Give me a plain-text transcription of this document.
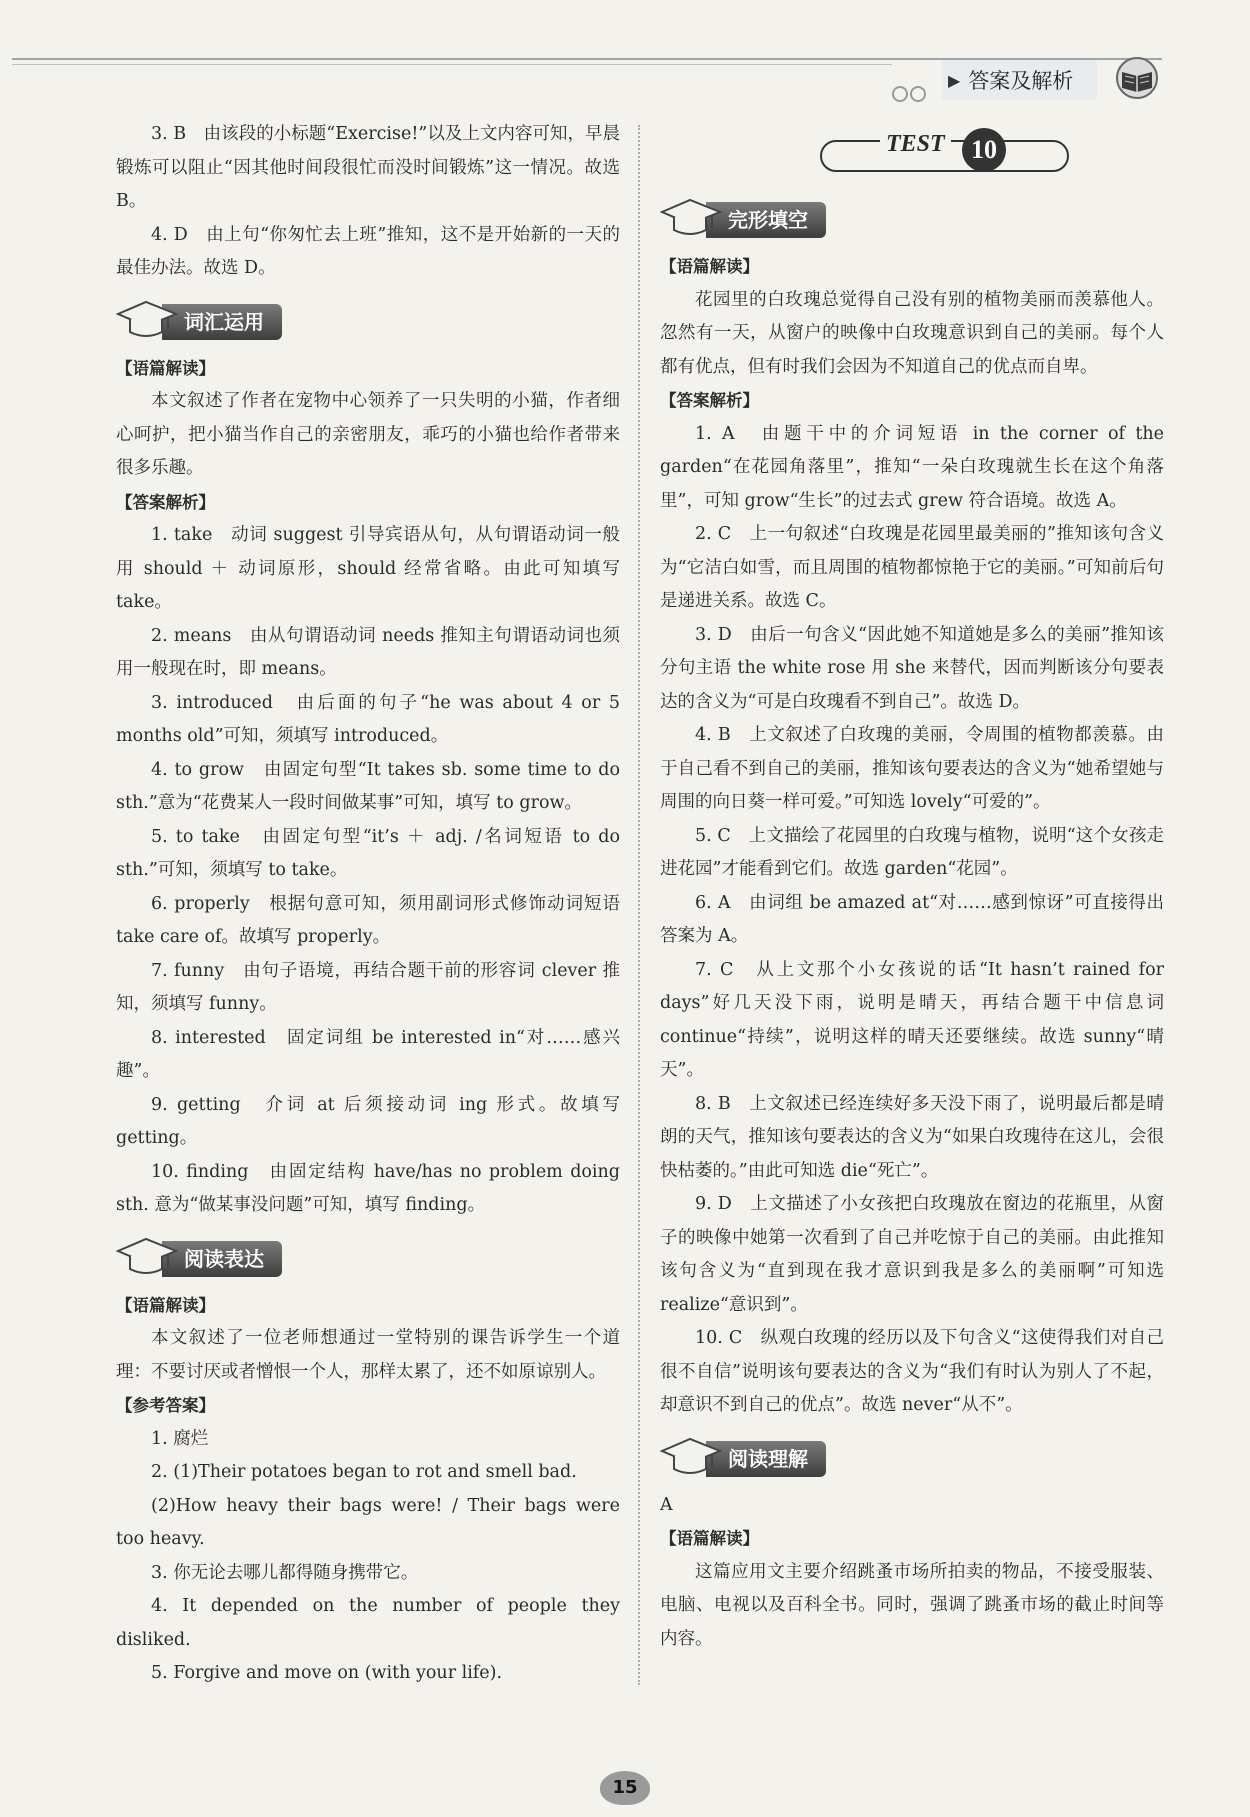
▶ 答案及解析

3. B　由该段的小标题“Exercise!”以及上文内容可知，早晨锻炼可以阻止“因其他时间段很忙而没时间锻炼”这一情况。故选 B。

4. D　由上句“你匆忙去上班”推知，这不是开始新的一天的最佳办法。故选 D。

词汇运用

【语篇解读】

本文叙述了作者在宠物中心领养了一只失明的小猫，作者细心呵护，把小猫当作自己的亲密朋友，乖巧的小猫也给作者带来很多乐趣。

【答案解析】

1. take　动词 suggest 引导宾语从句，从句谓语动词一般用 should ＋ 动词原形，should 经常省略。由此可知填写 take。

2. means　由从句谓语动词 needs 推知主句谓语动词也须用一般现在时，即 means。

3. introduced　由后面的句子“he was about 4 or 5 months old”可知，须填写 introduced。

4. to grow　由固定句型“It takes sb. some time to do sth.”意为“花费某人一段时间做某事”可知，填写 to grow。

5. to take　由固定句型“it’s ＋ adj. /名词短语 to do sth.”可知，须填写 to take。

6. properly　根据句意可知，须用副词形式修饰动词短语 take care of。故填写 properly。

7. funny　由句子语境，再结合题干前的形容词 clever 推知，须填写 funny。

8. interested　固定词组 be interested in“对……感兴趣”。

9. getting　介词 at 后须接动词 ing 形式。故填写 getting。

10. finding　由固定结构 have/has no problem doing sth. 意为“做某事没问题”可知，填写 finding。

阅读表达

【语篇解读】

本文叙述了一位老师想通过一堂特别的课告诉学生一个道理：不要讨厌或者憎恨一个人，那样太累了，还不如原谅别人。

【参考答案】

1. 腐烂

2. (1)Their potatoes began to rot and smell bad.

(2)How heavy their bags were! / Their bags were too heavy.

3. 你无论去哪儿都得随身携带它。

4. It depended on the number of people they disliked.

5. Forgive and move on (with your life).

TEST	10
完形填空

【语篇解读】

花园里的白玫瑰总觉得自己没有别的植物美丽而羡慕他人。忽然有一天，从窗户的映像中白玫瑰意识到自己的美丽。每个人都有优点，但有时我们会因为不知道自己的优点而自卑。

【答案解析】

1. A　由题干中的介词短语 in the corner of the garden“在花园角落里”，推知“一朵白玫瑰就生长在这个角落里”，可知 grow“生长”的过去式 grew 符合语境。故选 A。

2. C　上一句叙述“白玫瑰是花园里最美丽的”推知该句含义为“它洁白如雪，而且周围的植物都惊艳于它的美丽。”可知前后句是递进关系。故选 C。

3. D　由后一句含义“因此她不知道她是多么的美丽”推知该分句主语 the white rose 用 she 来替代，因而判断该分句要表达的含义为“可是白玫瑰看不到自己”。故选 D。

4. B　上文叙述了白玫瑰的美丽，令周围的植物都羡慕。由于自己看不到自己的美丽，推知该句要表达的含义为“她希望她与周围的向日葵一样可爱。”可知选 lovely“可爱的”。

5. C　上文描绘了花园里的白玫瑰与植物，说明“这个女孩走进花园”才能看到它们。故选 garden“花园”。

6. A　由词组 be amazed at“对……感到惊讶”可直接得出答案为 A。

7. C　从上文那个小女孩说的话“It hasn’t rained for days”好几天没下雨，说明是晴天，再结合题干中信息词 continue“持续”，说明这样的晴天还要继续。故选 sunny“晴天”。

8. B　上文叙述已经连续好多天没下雨了，说明最后都是晴朗的天气，推知该句要表达的含义为“如果白玫瑰待在这儿，会很快枯萎的。”由此可知选 die“死亡”。

9. D　上文描述了小女孩把白玫瑰放在窗边的花瓶里，从窗子的映像中她第一次看到了自己并吃惊于自己的美丽。由此推知该句含义为“直到现在我才意识到我是多么的美丽啊”可知选 realize“意识到”。

10. C　纵观白玫瑰的经历以及下句含义“这使得我们对自己很不自信”说明该句要表达的含义为“我们有时认为别人了不起，却意识不到自己的优点”。故选 never“从不”。

阅读理解

A

【语篇解读】

这篇应用文主要介绍跳蚤市场所拍卖的物品，不接受服装、电脑、电视以及百科全书。同时，强调了跳蚤市场的截止时间等内容。

15
